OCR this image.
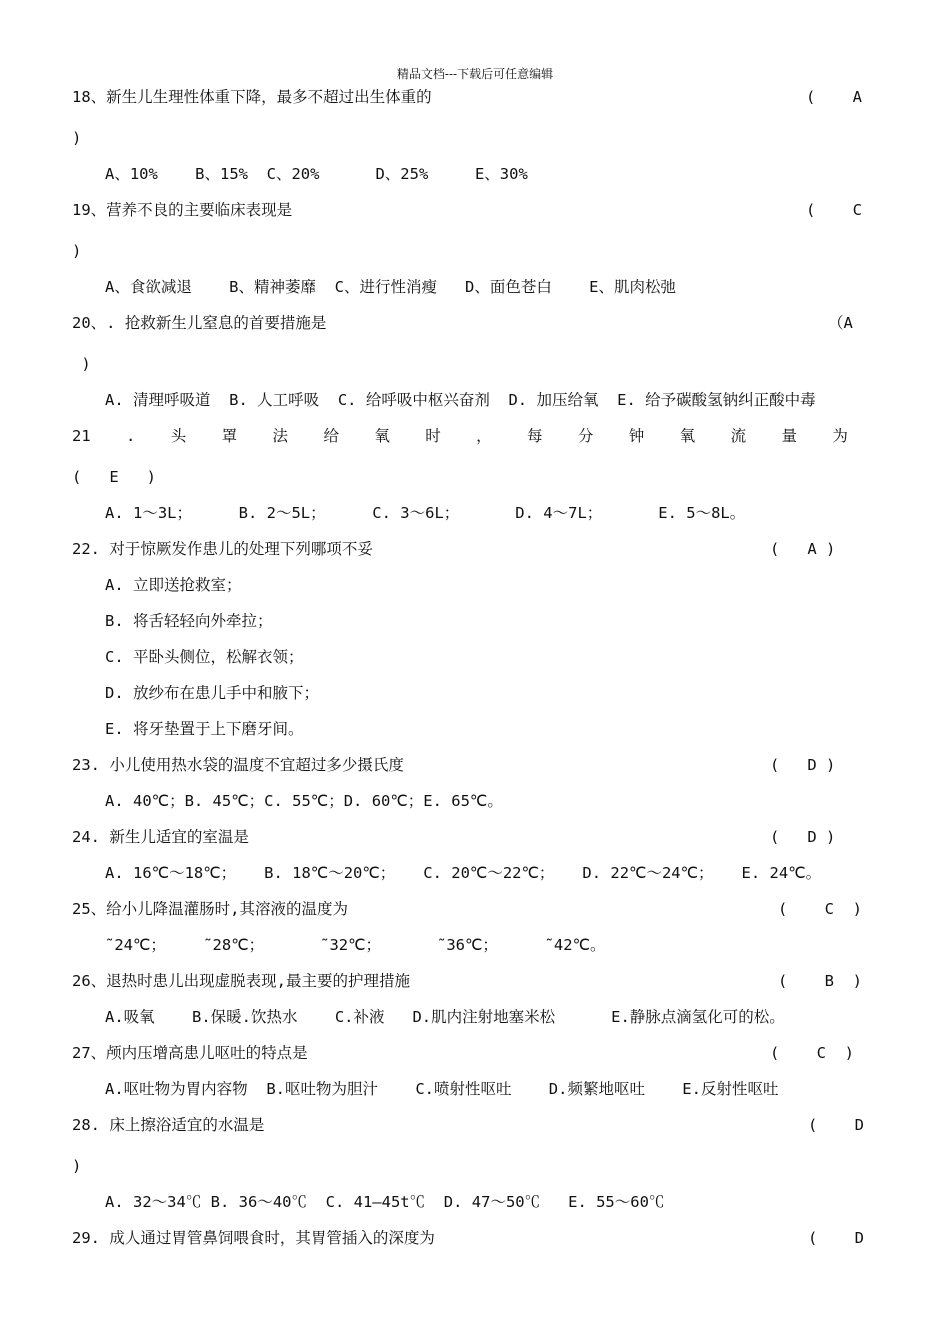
精品文档---下载后可任意编辑
18、新生儿生理性体重下降，最多不超过出生体重的	(    A
)
A、10%    B、15%  C、20%      D、25%     E、30%
19、营养不良的主要临床表现是	(    C
)
A、食欲减退    B、精神萎靡  C、进行性消瘦   D、面色苍白    E、肌肉松弛
20、. 抢救新生儿窒息的首要措施是	（A
)
A. 清理呼吸道  B. 人工呼吸  C. 给呼吸中枢兴奋剂  D. 加压给氧  E. 给予碳酸氢钠纠正酸中毒
21 . 头 罩 法 给 氧 时 ， 每 分 钟 氧 流 量 为
(   E   )
A. 1～3L；     B. 2～5L；     C. 3～6L；      D. 4～7L；      E. 5～8L。
22. 对于惊厥发作患儿的处理下列哪项不妥	(   A )
A. 立即送抢救室；
B. 将舌轻轻向外牵拉；
C. 平卧头侧位，松解衣领；
D. 放纱布在患儿手中和腋下；
E. 将牙垫置于上下磨牙间。
23. 小儿使用热水袋的温度不宜超过多少摄氏度	(   D )
A. 40℃；B. 45℃；C. 55℃；D. 60℃；E. 65℃。
24. 新生儿适宜的室温是	(   D )
A. 16℃～18℃；   B. 18℃～20℃；   C. 20℃～22℃；   D. 22℃～24℃；   E. 24℃。
25、给小儿降温灌肠时,其溶液的温度为	(    C  )
˜24℃；    ˜28℃；      ˜32℃；      ˜36℃；     ˜42℃。
26、退热时患儿出现虚脱表现,最主要的护理措施	(    B  )
A.吸氧    B.保暖.饮热水    C.补液   D.肌内注射地塞米松      E.静脉点滴氢化可的松。
27、颅内压增高患儿呕吐的特点是	(    C  )
A.呕吐物为胃内容物  B.呕吐物为胆汁    C.喷射性呕吐    D.频繁地呕吐    E.反射性呕吐
28. 床上擦浴适宜的水温是	(    D
)
A. 32～34℃ B. 36～40℃  C. 41—45t℃  D. 47～50℃   E. 55～60℃
29. 成人通过胃管鼻饲喂食时，其胃管插入的深度为	(    D
